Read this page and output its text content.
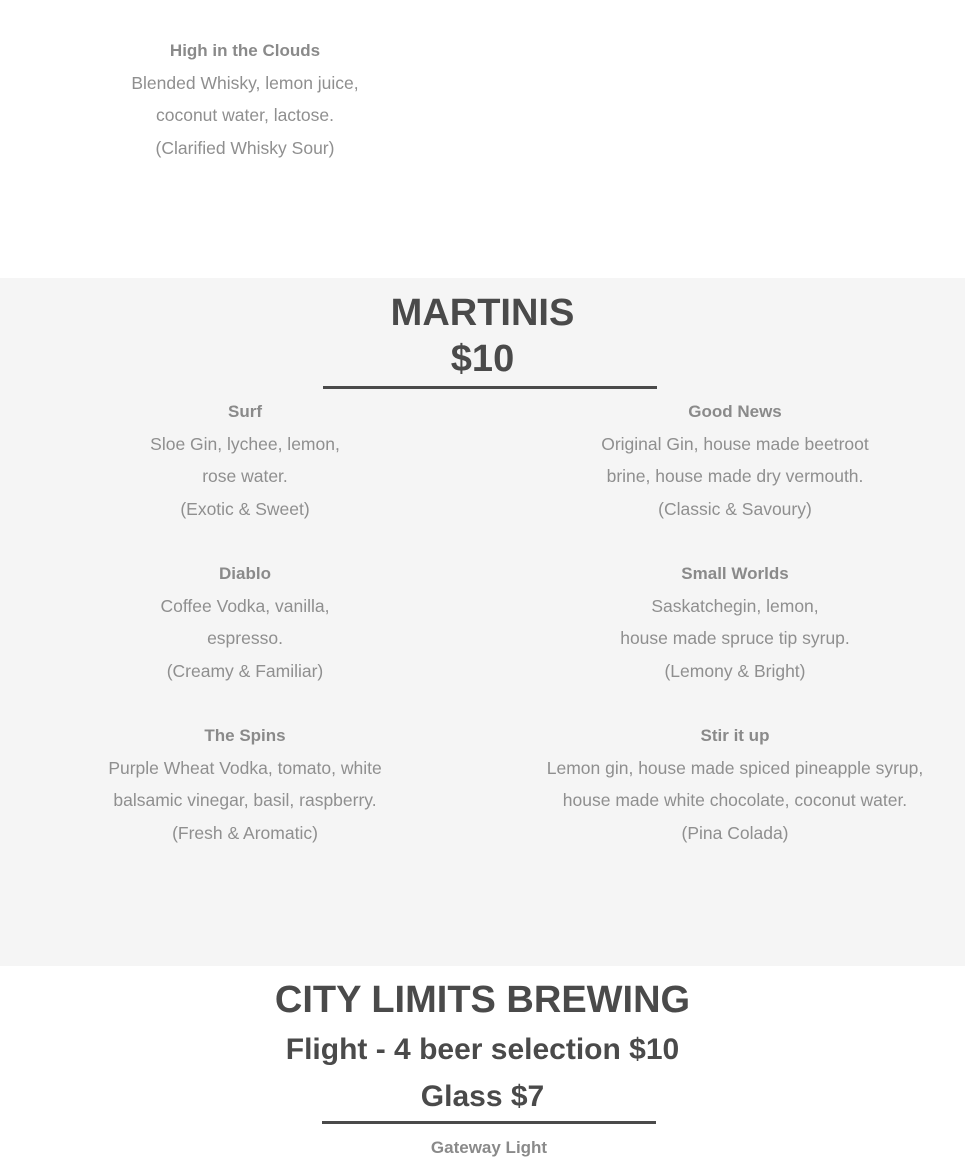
High in the Clouds
Blended Whisky, lemon juice,
coconut water, lactose.
(Clarified Whisky Sour)
MARTINIS
$10
Surf
Sloe Gin, lychee, lemon,
rose water.
(Exotic & Sweet)
Good News
Original Gin, house made beetroot
brine, house made dry vermouth.
(Classic & Savoury)
Diablo
Coffee Vodka, vanilla,
espresso.
(Creamy & Familiar)
Small Worlds
Saskatchegin, lemon,
house made spruce tip syrup.
(Lemony & Bright)
The Spins
Purple Wheat Vodka, tomato, white
balsamic vinegar, basil, raspberry.
(Fresh & Aromatic)
Stir it up
Lemon gin, house made spiced pineapple syrup,
house made white chocolate, coconut water.
(Pina Colada)
CITY LIMITS BREWING
Flight - 4 beer selection $10
Glass $7
Gateway Light
